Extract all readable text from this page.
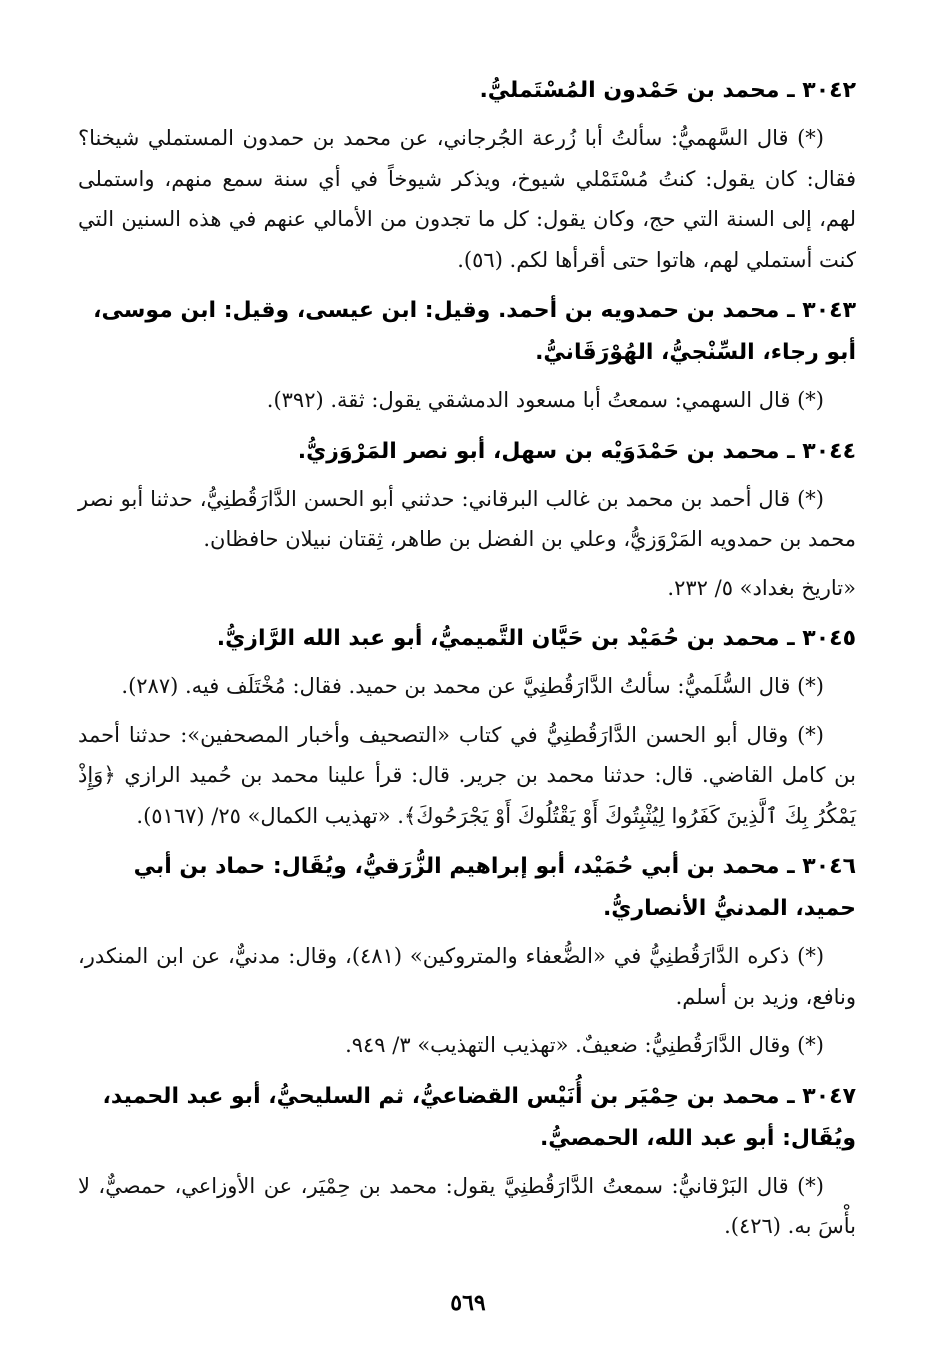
٣٠٤٢ ـ محمد بن حَمْدون المُسْتَمليُّ.
(*) قال السَّهميُّ: سألتُ أبا زُرعة الجُرجاني، عن محمد بن حمدون المستملي شيخنا؟ فقال: كان يقول: كنتُ مُسْتَمْلي شيوخ، ويذكر شيوخاً في أي سنة سمع منهم، واستملى لهم، إلى السنة التي حج، وكان يقول: كل ما تجدون من الأمالي عنهم في هذه السنين التي كنت أستملي لهم، هاتوا حتى أقرأها لكم. (٥٦).
٣٠٤٣ ـ محمد بن حمدويه بن أحمد. وقيل: ابن عيسى، وقيل: ابن موسى، أبو رجاء، السِّنْجيُّ، الهُوْرَقَانيُّ.
(*) قال السهمي: سمعتُ أبا مسعود الدمشقي يقول: ثقة. (٣٩٢).
٣٠٤٤ ـ محمد بن حَمْدَوَيْه بن سهل، أبو نصر المَرْوَزيُّ.
(*) قال أحمد بن محمد بن غالب البرقاني: حدثني أبو الحسن الدَّارَقُطنِيُّ، حدثنا أبو نصر محمد بن حمدويه المَرْوَزيُّ، وعلي بن الفضل بن طاهر، ثِقتان نبيلان حافظان.
«تاريخ بغداد» ٥/ ٢٣٢.
٣٠٤٥ ـ محمد بن حُمَيْد بن حَيَّان التَّميميُّ، أبو عبد الله الرَّازيُّ.
(*) قال السُّلَميُّ: سألتُ الدَّارَقُطنِيَّ عن محمد بن حميد. فقال: مُخْتَلَف فيه. (٢٨٧).
(*) وقال أبو الحسن الدَّارَقُطنِيُّ في كتاب «التصحيف وأخبار المصحفين»: حدثنا أحمد بن كامل القاضي. قال: حدثنا محمد بن جرير. قال: قرأ علينا محمد بن حُميد الرازي ﴿وَإِذْ يَمْكُرُ بِكَ ٱلَّذِينَ كَفَرُوا لِيُثْبِتُوكَ أَوْ يَقْتُلُوكَ أَوْ يَجْرَحُوكَ﴾. «تهذيب الكمال» ٢٥/ (٥١٦٧).
٣٠٤٦ ـ محمد بن أبي حُمَيْد، أبو إبراهيم الزُّرَقيُّ، ويُقَال: حماد بن أبي حميد، المدنيُّ الأنصاريُّ.
(*) ذكره الدَّارَقُطنِيُّ في «الضُّعفاء والمتروكين» (٤٨١)، وقال: مدنيٌّ، عن ابن المنكدر، ونافع، وزيد بن أسلم.
(*) وقال الدَّارَقُطنِيُّ: ضعيفٌ. «تهذيب التهذيب» ٣/ ٩٤٩.
٣٠٤٧ ـ محمد بن حِمْيَر بن أُنَيْس القضاعيُّ، ثم السليحيُّ، أبو عبد الحميد، ويُقَال: أبو عبد الله، الحمصيُّ.
(*) قال البَرْقانيُّ: سمعتُ الدَّارَقُطنِيَّ يقول: محمد بن حِمْيَر، عن الأوزاعي، حمصيٌّ، لا بأْسَ به. (٤٢٦).
٥٦٩
